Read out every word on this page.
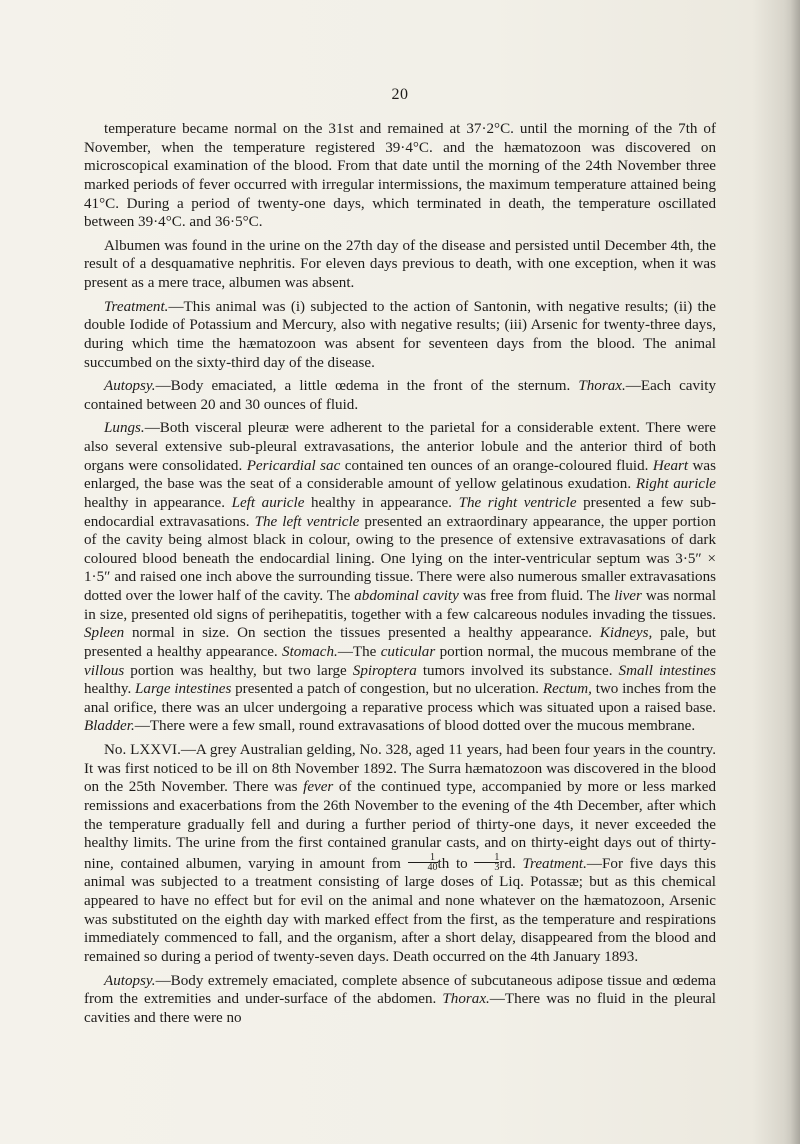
20

temperature became normal on the 31st and remained at 37·2°C. until the morning of the 7th of November, when the temperature registered 39·4°C. and the hæmatozoon was discovered on microscopical examination of the blood. From that date until the morning of the 24th November three marked periods of fever occurred with irregular intermissions, the maximum temperature attained being 41°C. During a period of twenty-one days, which terminated in death, the temperature oscillated between 39·4°C. and 36·5°C.

Albumen was found in the urine on the 27th day of the disease and persisted until December 4th, the result of a desquamative nephritis. For eleven days previous to death, with one exception, when it was present as a mere trace, albumen was absent.

Treatment.—This animal was (i) subjected to the action of Santonin, with negative results; (ii) the double Iodide of Potassium and Mercury, also with negative results; (iii) Arsenic for twenty-three days, during which time the hæmatozoon was absent for seventeen days from the blood. The animal succumbed on the sixty-third day of the disease.

Autopsy.—Body emaciated, a little œdema in the front of the sternum. Thorax.—Each cavity contained between 20 and 30 ounces of fluid.

Lungs.—Both visceral pleuræ were adherent to the parietal for a considerable extent. There were also several extensive sub-pleural extravasations, the anterior lobule and the anterior third of both organs were consolidated. Pericardial sac contained ten ounces of an orange-coloured fluid. Heart was enlarged, the base was the seat of a considerable amount of yellow gelatinous exudation. Right auricle healthy in appearance. Left auricle healthy in appearance. The right ventricle presented a few sub-endocardial extravasations. The left ventricle presented an extraordinary appearance, the upper portion of the cavity being almost black in colour, owing to the presence of extensive extravasations of dark coloured blood beneath the endocardial lining. One lying on the inter-ventricular septum was 3·5″ × 1·5″ and raised one inch above the surrounding tissue. There were also numerous smaller extravasations dotted over the lower half of the cavity. The abdominal cavity was free from fluid. The liver was normal in size, presented old signs of perihepatitis, together with a few calcareous nodules invading the tissues. Spleen normal in size. On section the tissues presented a healthy appearance. Kidneys, pale, but presented a healthy appearance. Stomach.—The cuticular portion normal, the mucous membrane of the villous portion was healthy, but two large Spiroptera tumors involved its substance. Small intestines healthy. Large intestines presented a patch of congestion, but no ulceration. Rectum, two inches from the anal orifice, there was an ulcer undergoing a reparative process which was situated upon a raised base. Bladder.—There were a few small, round extravasations of blood dotted over the mucous membrane.

No. LXXVI.—A grey Australian gelding, No. 328, aged 11 years, had been four years in the country. It was first noticed to be ill on 8th November 1892. The Surra hæmatozoon was discovered in the blood on the 25th November. There was fever of the continued type, accompanied by more or less marked remissions and exacerbations from the 26th November to the evening of the 4th December, after which the temperature gradually fell and during a further period of thirty-one days, it never exceeded the healthy limits. The urine from the first contained granular casts, and on thirty-eight days out of thirty-nine, contained albumen, varying in amount from $\frac{1}{40}$ th to $\frac{1}{3}$ rd. Treatment.—For five days this animal was subjected to a treatment consisting of large doses of Liq. Potassæ; but as this chemical appeared to have no effect but for evil on the animal and none whatever on the hæmatozoon, Arsenic was substituted on the eighth day with marked effect from the first, as the temperature and respirations immediately commenced to fall, and the organism, after a short delay, disappeared from the blood and remained so during a period of twenty-seven days. Death occurred on the 4th January 1893.

Autopsy.—Body extremely emaciated, complete absence of subcutaneous adipose tissue and œdema from the extremities and under-surface of the abdomen. Thorax.—There was no fluid in the pleural cavities and there were no
